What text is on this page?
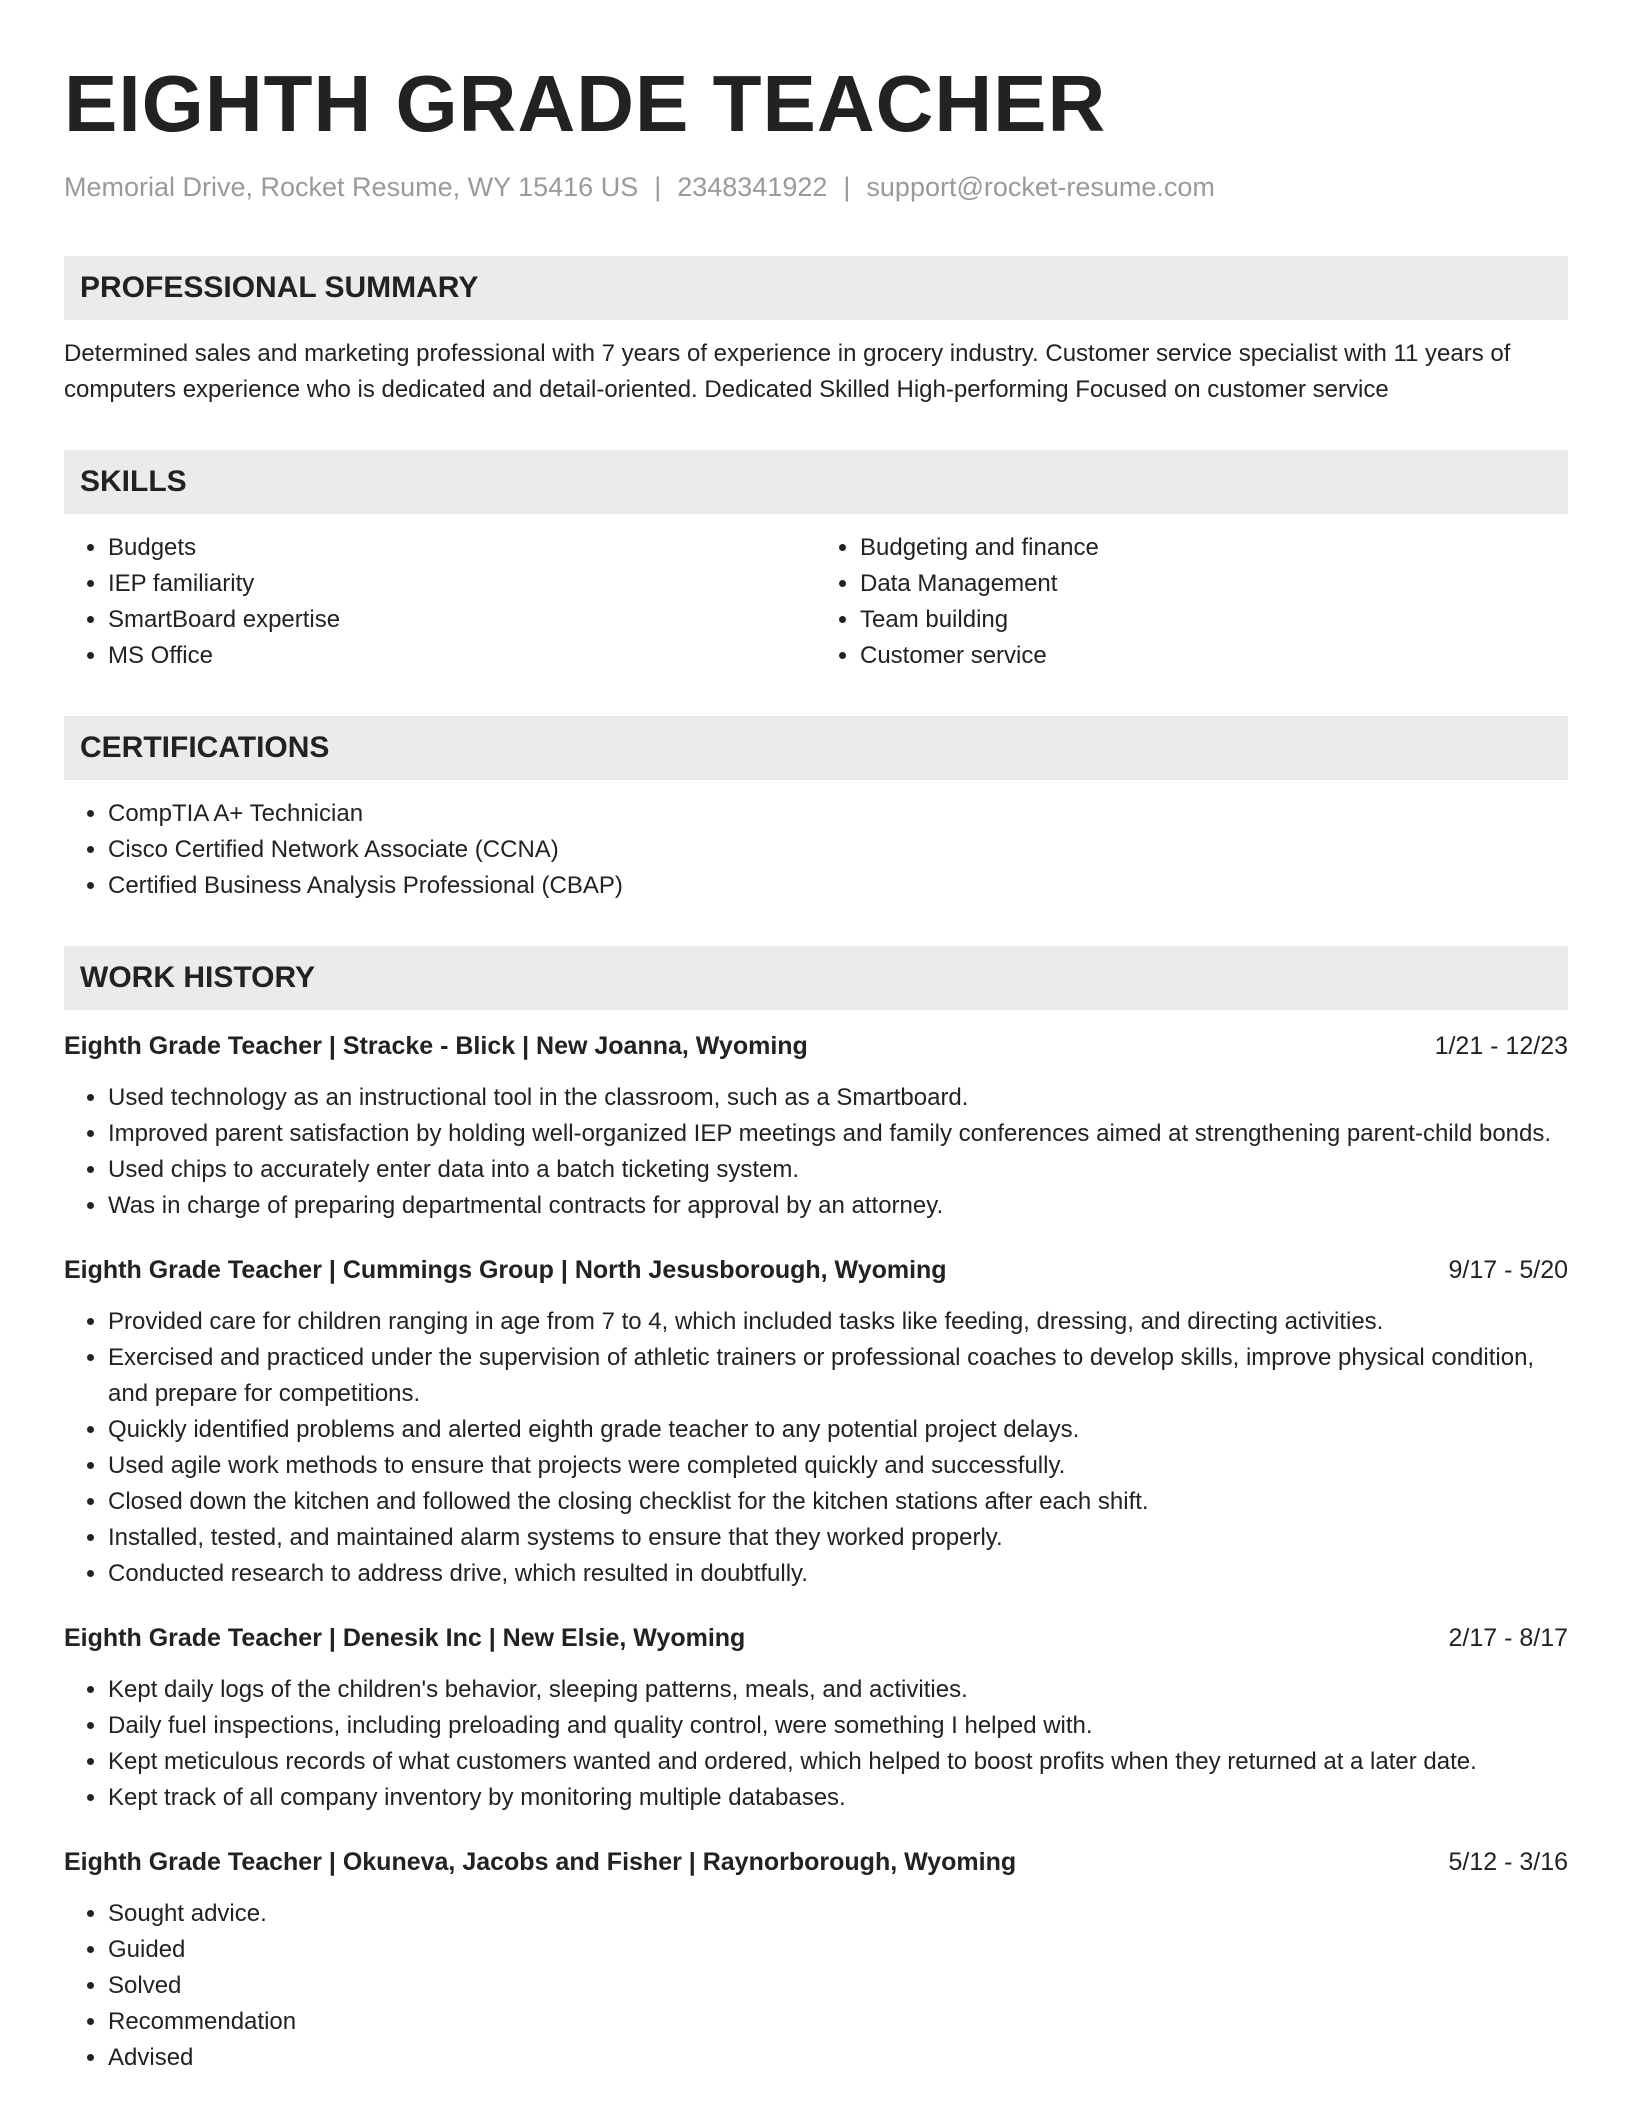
EIGHTH GRADE TEACHER
Memorial Drive, Rocket Resume, WY 15416 US | 2348341922 | support@rocket-resume.com
PROFESSIONAL SUMMARY
Determined sales and marketing professional with 7 years of experience in grocery industry. Customer service specialist with 11 years of computers experience who is dedicated and detail-oriented. Dedicated Skilled High-performing Focused on customer service
SKILLS
• Budgets
• IEP familiarity
• SmartBoard expertise
• MS Office
• Budgeting and finance
• Data Management
• Team building
• Customer service
CERTIFICATIONS
• CompTIA A+ Technician
• Cisco Certified Network Associate (CCNA)
• Certified Business Analysis Professional (CBAP)
WORK HISTORY
Eighth Grade Teacher | Stracke - Blick | New Joanna, Wyoming	1/21 - 12/23
• Used technology as an instructional tool in the classroom, such as a Smartboard.
• Improved parent satisfaction by holding well-organized IEP meetings and family conferences aimed at strengthening parent-child bonds.
• Used chips to accurately enter data into a batch ticketing system.
• Was in charge of preparing departmental contracts for approval by an attorney.
Eighth Grade Teacher | Cummings Group | North Jesusborough, Wyoming	9/17 - 5/20
• Provided care for children ranging in age from 7 to 4, which included tasks like feeding, dressing, and directing activities.
• Exercised and practiced under the supervision of athletic trainers or professional coaches to develop skills, improve physical condition, and prepare for competitions.
• Quickly identified problems and alerted eighth grade teacher to any potential project delays.
• Used agile work methods to ensure that projects were completed quickly and successfully.
• Closed down the kitchen and followed the closing checklist for the kitchen stations after each shift.
• Installed, tested, and maintained alarm systems to ensure that they worked properly.
• Conducted research to address drive, which resulted in doubtfully.
Eighth Grade Teacher | Denesik Inc | New Elsie, Wyoming	2/17 - 8/17
• Kept daily logs of the children's behavior, sleeping patterns, meals, and activities.
• Daily fuel inspections, including preloading and quality control, were something I helped with.
• Kept meticulous records of what customers wanted and ordered, which helped to boost profits when they returned at a later date.
• Kept track of all company inventory by monitoring multiple databases.
Eighth Grade Teacher | Okuneva, Jacobs and Fisher | Raynorborough, Wyoming	5/12 - 3/16
• Sought advice.
• Guided
• Solved
• Recommendation
• Advised
